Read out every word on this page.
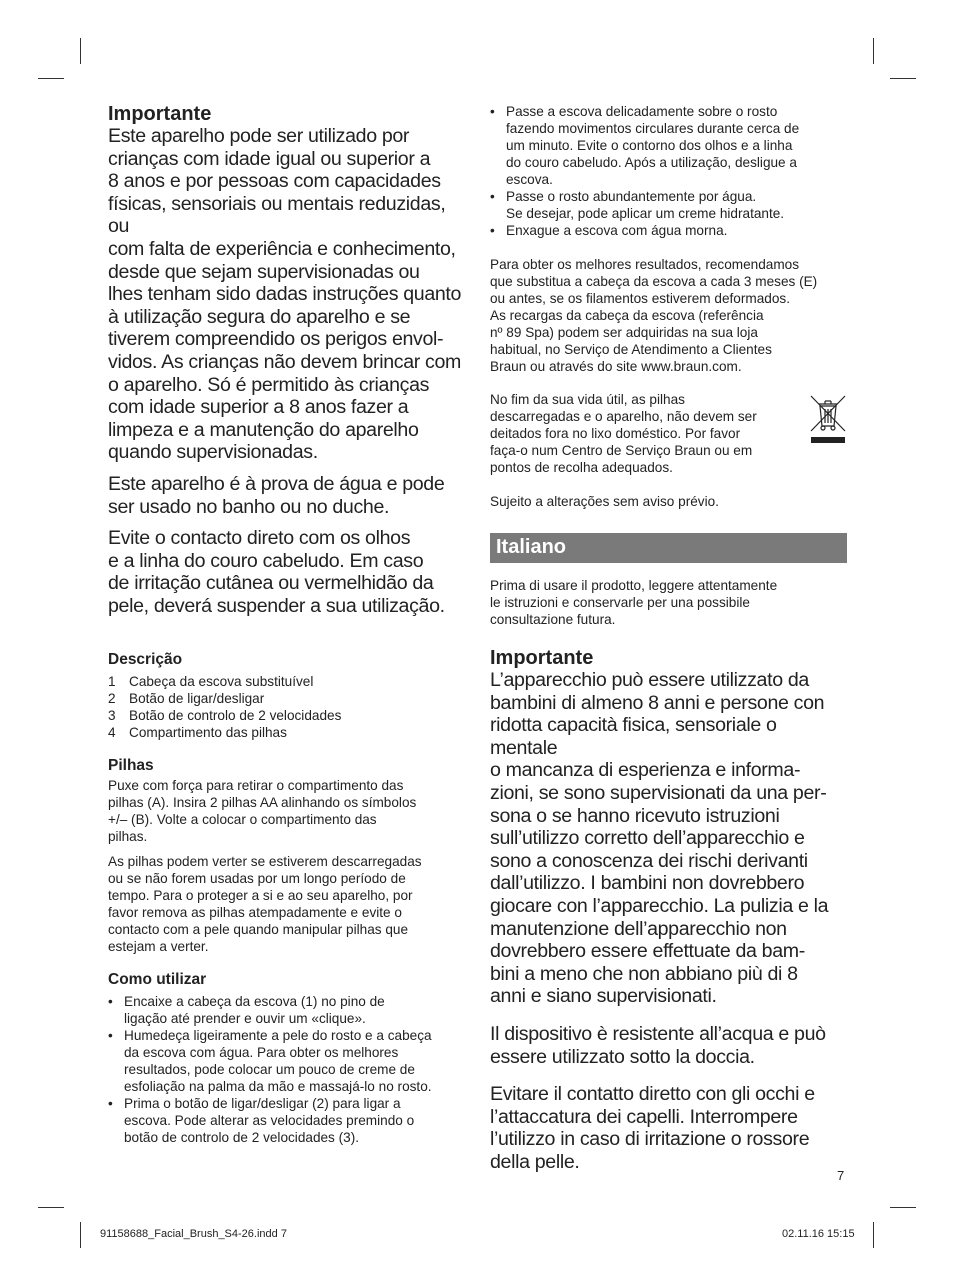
Importante
Este aparelho pode ser utilizado por
crianças com idade igual ou superior a
8 anos e por pessoas com capacidades
físicas, sensoriais ou mentais reduzidas, ou
com falta de experiência e conhecimento,
desde que sejam supervisionadas ou
lhes tenham sido dadas instruções quanto
à utilização segura do aparelho e se
tiverem compreendido os perigos envol-
vidos. As crianças não devem brincar com
o aparelho. Só é permitido às crianças
com idade superior a 8 anos fazer a
limpeza e a manutenção do aparelho
quando supervisionadas.
Este aparelho é à prova de água e pode
ser usado no banho ou no duche.
Evite o contacto direto com os olhos
e a linha do couro cabeludo. Em caso
de irritação cutânea ou vermelhidão da
pele, deverá suspender a sua utilização.
Descrição
1 Cabeça da escova substituível
2 Botão de ligar/desligar
3 Botão de controlo de 2 velocidades
4 Compartimento das pilhas
Pilhas
Puxe com força para retirar o compartimento das
pilhas (A). Insira 2 pilhas AA alinhando os símbolos
+/– (B). Volte a colocar o compartimento das
pilhas.
As pilhas podem verter se estiverem descarregadas
ou se não forem usadas por um longo período de
tempo. Para o proteger a si e ao seu aparelho, por
favor remova as pilhas atempadamente e evite o
contacto com a pele quando manipular pilhas que
estejam a verter.
Como utilizar
• Encaixe a cabeça da escova (1) no pino de
ligação até prender e ouvir um «clique».
• Humedeça ligeiramente a pele do rosto e a cabeça
da escova com água. Para obter os melhores
resultados, pode colocar um pouco de creme de
esfoliação na palma da mão e massajá-lo no rosto.
• Prima o botão de ligar/desligar (2) para ligar a
escova. Pode alterar as velocidades premindo o
botão de controlo de 2 velocidades (3).
• Passe a escova delicadamente sobre o rosto
fazendo movimentos circulares durante cerca de
um minuto. Evite o contorno dos olhos e a linha
do couro cabeludo. Após a utilização, desligue a
escova.
• Passe o rosto abundantemente por água.
Se desejar, pode aplicar um creme hidratante.
• Enxague a escova com água morna.
Para obter os melhores resultados, recomendamos
que substitua a cabeça da escova a cada 3 meses (E)
ou antes, se os filamentos estiverem deformados.
As recargas da cabeça da escova (referência
nº 89 Spa) podem ser adquiridas na sua loja
habitual, no Serviço de Atendimento a Clientes
Braun ou através do site www.braun.com.
No fim da sua vida útil, as pilhas
descarregadas e o aparelho, não devem ser
deitados fora no lixo doméstico. Por favor
faça-o num Centro de Serviço Braun ou em
pontos de recolha adequados.
Sujeito a alterações sem aviso prévio.
Italiano
Prima di usare il prodotto, leggere attentamente
le istruzioni e conservarle per una possibile
consultazione futura.
Importante
L’apparecchio può essere utilizzato da
bambini di almeno 8 anni e persone con
ridotta capacità fisica, sensoriale o mentale
o mancanza di esperienza e informa-
zioni, se sono supervisionati da una per-
sona o se hanno ricevuto istruzioni
sull’utilizzo corretto dell’apparecchio e
sono a conoscenza dei rischi derivanti
dall’utilizzo. I bambini non dovrebbero
giocare con l’apparecchio. La pulizia e la
manutenzione dell’apparecchio non
dovrebbero essere effettuate da bam-
bini a meno che non abbiano più di 8
anni e siano supervisionati.
Il dispositivo è resistente all’acqua e può
essere utilizzato sotto la doccia.
Evitare il contatto diretto con gli occhi e
l’attaccatura dei capelli. Interrompere
l’utilizzo in caso di irritazione o rossore
della pelle.
7
91158688_Facial_Brush_S4-26.indd 7	02.11.16 15:15
